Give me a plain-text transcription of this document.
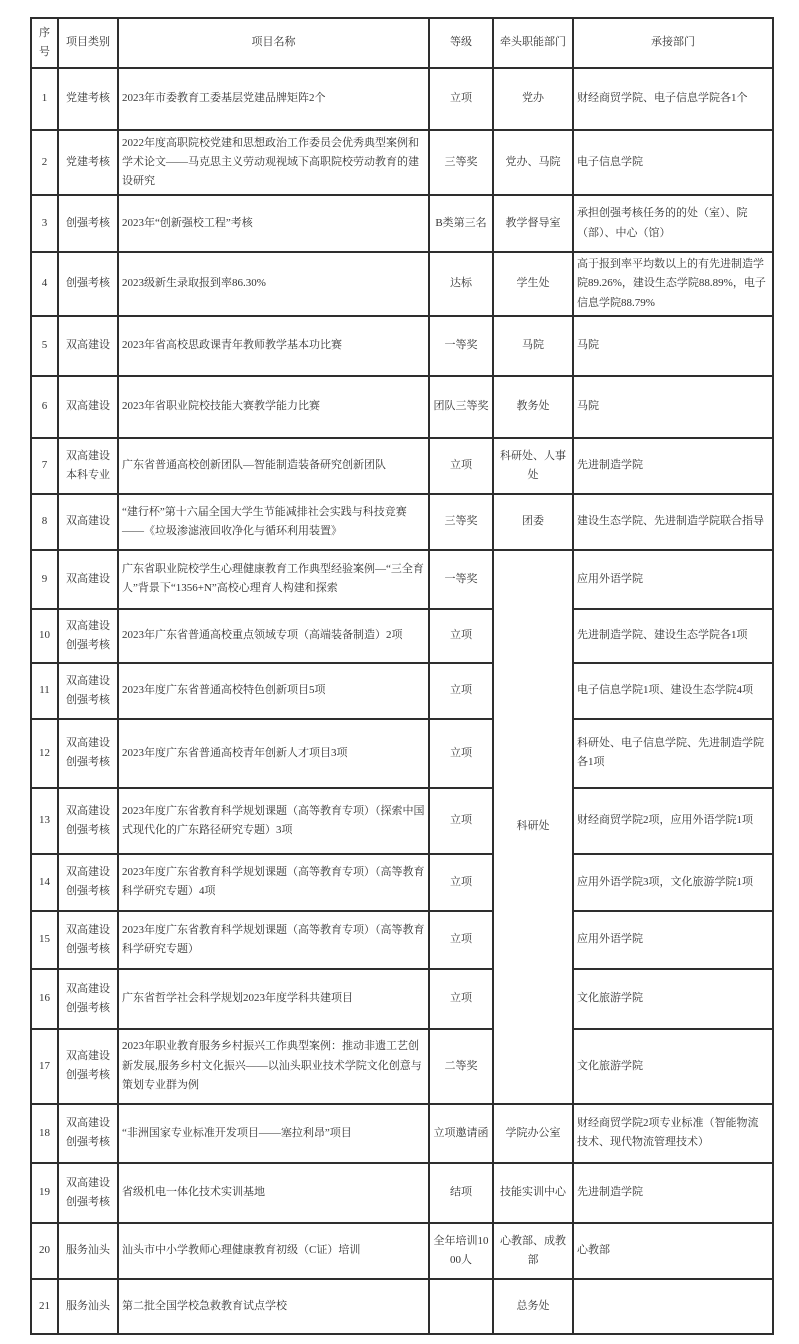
序号	项目类别	项目名称	等级	牵头职能部门	承接部门
1	党建考核	2023年市委教育工委基层党建品牌矩阵2个	立项	党办	财经商贸学院、电子信息学院各1个
2	党建考核	2022年度高职院校党建和思想政治工作委员会优秀典型案例和学术论文——马克思主义劳动观视域下高职院校劳动教育的建设研究	三等奖	党办、马院	电子信息学院
3	创强考核	2023年“创新强校工程”考核	B类第三名	教学督导室	承担创强考核任务的的处（室）、院（部）、中心（馆）
4	创强考核	2023级新生录取报到率86.30%	达标	学生处	高于报到率平均数以上的有先进制造学院89.26%，建设生态学院88.89%，电子信息学院88.79%
5	双高建设	2023年省高校思政课青年教师教学基本功比赛	一等奖	马院	马院
6	双高建设	2023年省职业院校技能大赛教学能力比赛	团队三等奖	教务处	马院
7	双高建设本科专业	广东省普通高校创新团队—智能制造装备研究创新团队	立项	科研处、人事处	先进制造学院
8	双高建设	“建行杯”第十六届全国大学生节能减排社会实践与科技竞赛——《垃圾渗滤液回收净化与循环利用装置》	三等奖	团委	建设生态学院、先进制造学院联合指导
9	双高建设	广东省职业院校学生心理健康教育工作典型经验案例—“三全育人”背景下“1356+N”高校心理育人构建和探索	一等奖	科研处	应用外语学院
10	双高建设创强考核	2023年广东省普通高校重点领域专项（高端装备制造）2项	立项		先进制造学院、建设生态学院各1项
11	双高建设创强考核	2023年度广东省普通高校特色创新项目5项	立项		电子信息学院1项、建设生态学院4项
12	双高建设创强考核	2023年度广东省普通高校青年创新人才项目3项	立项		科研处、电子信息学院、先进制造学院各1项
13	双高建设创强考核	2023年度广东省教育科学规划课题（高等教育专项）（探索中国式现代化的广东路径研究专题）3项	立项		财经商贸学院2项，应用外语学院1项
14	双高建设创强考核	2023年度广东省教育科学规划课题（高等教育专项）（高等教育科学研究专题）4项	立项		应用外语学院3项，文化旅游学院1项
15	双高建设创强考核	2023年度广东省教育科学规划课题（高等教育专项）（高等教育科学研究专题）	立项		应用外语学院
16	双高建设创强考核	广东省哲学社会科学规划2023年度学科共建项目	立项		文化旅游学院
17	双高建设创强考核	2023年职业教育服务乡村振兴工作典型案例：推动非遗工艺创新发展,服务乡村文化振兴——以汕头职业技术学院文化创意与策划专业群为例	二等奖		文化旅游学院
18	双高建设创强考核	“非洲国家专业标准开发项目——塞拉利昂”项目	立项邀请函	学院办公室	财经商贸学院2项专业标准（智能物流技术、现代物流管理技术）
19	双高建设创强考核	省级机电一体化技术实训基地	结项	技能实训中心	先进制造学院
20	服务汕头	汕头市中小学教师心理健康教育初级（C证）培训	全年培训1000人	心教部、成教部	心教部
21	服务汕头	第二批全国学校急救教育试点学校		总务处	
